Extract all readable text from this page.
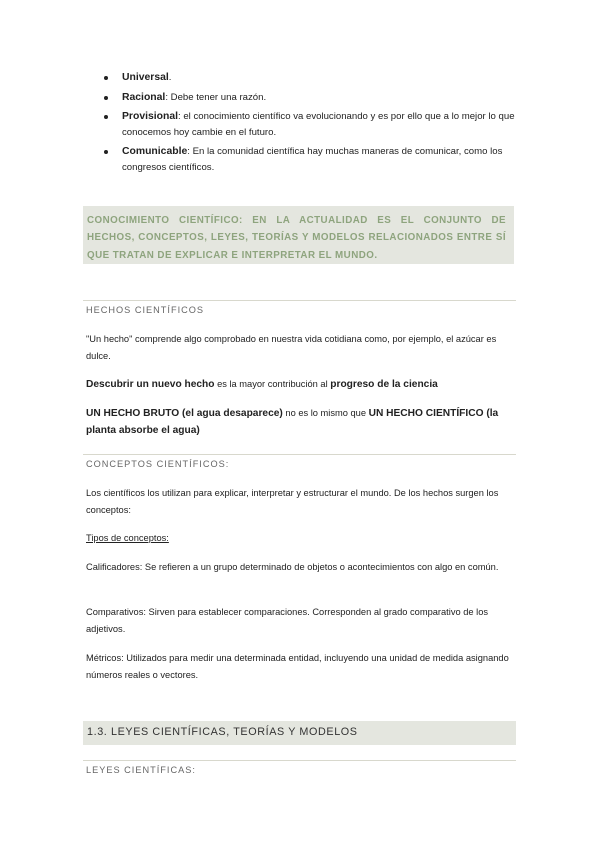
Universal.
Racional: Debe tener una razón.
Provisional: el conocimiento científico va evolucionando y es por ello que a lo mejor lo que conocemos hoy cambie en el futuro.
Comunicable: En la comunidad científica hay muchas maneras de comunicar, como los congresos científicos.
CONOCIMIENTO CIENTÍFICO: EN LA ACTUALIDAD ES EL CONJUNTO DE HECHOS, CONCEPTOS, LEYES, TEORÍAS Y MODELOS RELACIONADOS ENTRE SÍ QUE TRATAN DE EXPLICAR E INTERPRETAR EL MUNDO.
HECHOS CIENTÍFICOS
"Un hecho" comprende algo comprobado en nuestra vida cotidiana como, por ejemplo, el azúcar es dulce.
Descubrir un nuevo hecho es la mayor contribución al progreso de la ciencia
UN HECHO BRUTO (el agua desaparece) no es lo mismo que UN HECHO CIENTÍFICO (la planta absorbe el agua)
CONCEPTOS CIENTÍFICOS:
Los científicos los utilizan para explicar, interpretar y estructurar el mundo. De los hechos surgen los conceptos:
Tipos de conceptos:
Calificadores: Se refieren a un grupo determinado de objetos o acontecimientos con algo en común.
Comparativos: Sirven para establecer comparaciones. Corresponden al grado comparativo de los adjetivos.
Métricos: Utilizados para medir una determinada entidad, incluyendo una unidad de medida asignando números reales o vectores.
1.3. LEYES CIENTÍFICAS, TEORÍAS Y MODELOS
LEYES CIENTÍFICAS:
